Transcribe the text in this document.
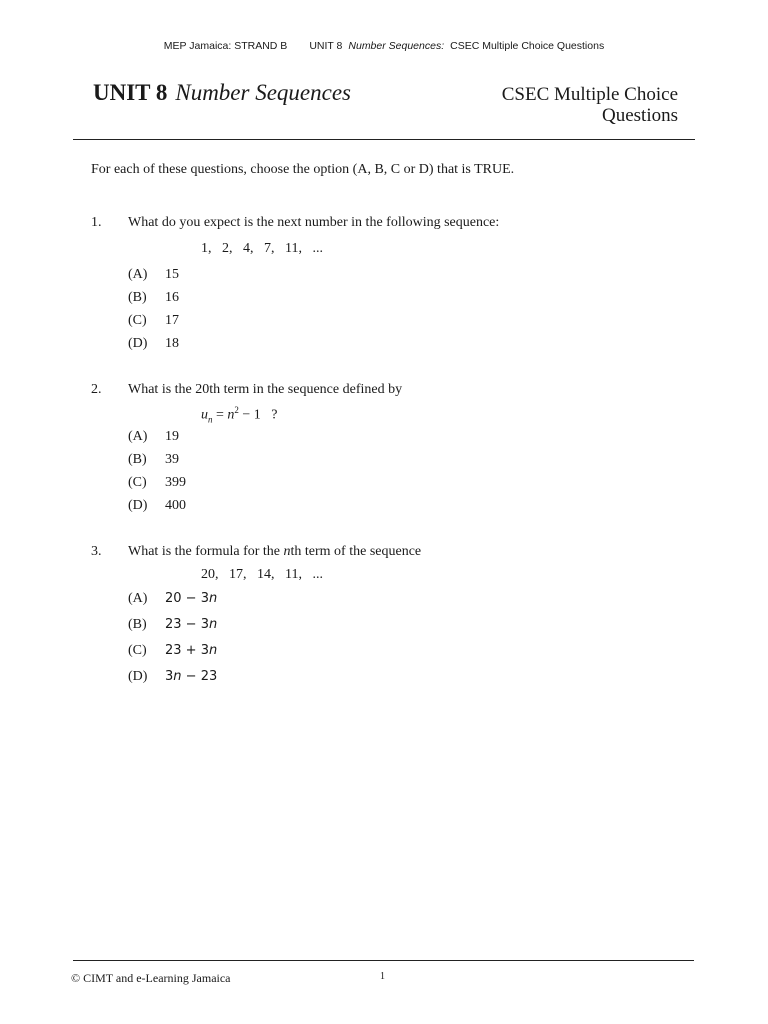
MEP Jamaica: STRAND B UNIT 8 Number Sequences: CSEC Multiple Choice Questions
UNIT 8 Number Sequences	CSEC Multiple Choice
Questions
For each of these questions, choose the option (A, B, C or D) that is TRUE.
1. What do you expect is the next number in the following sequence:
1,   2,   4,   7,   11,   ...
(A) 15
(B) 16
(C) 17
(D) 18
2. What is the 20th term in the sequence defined by
$u_n = n^2 - 1$   ?
(A) 19
(B) 39
(C) 399
(D) 400
3. What is the formula for the nth term of the sequence
20,   17,   14,   11,   ...
(A) 20 − 3n
(B) 23 − 3n
(C) 23 + 3n
(D) 3n − 23
© CIMT and e-Learning Jamaica	1
